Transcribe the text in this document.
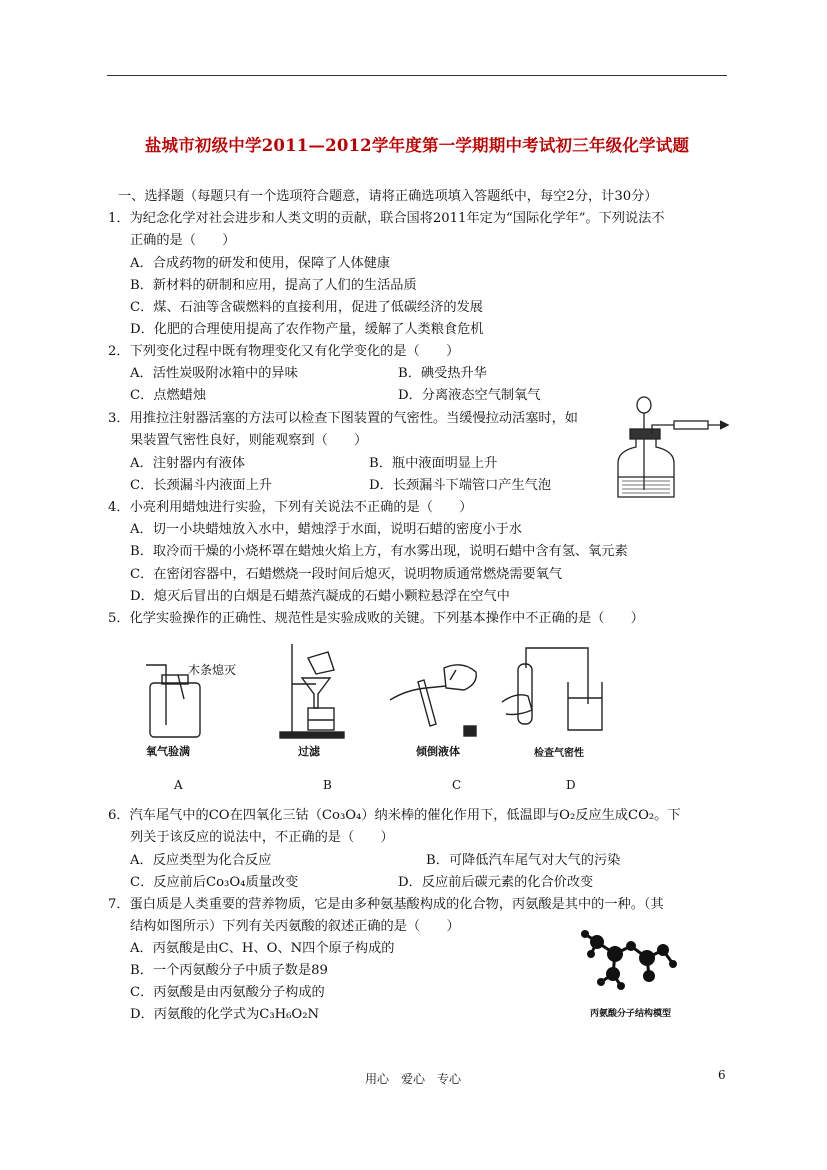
盐城市初级中学2011—2012学年度第一学期期中考试初三年级化学试题
一、选择题（每题只有一个选项符合题意，请将正确选项填入答题纸中，每空2分，计30分）
1．为纪念化学对社会进步和人类文明的贡献，联合国将2011年定为“国际化学年”。下列说法不
正确的是（　　）
A．合成药物的研发和使用，保障了人体健康
B．新材料的研制和应用，提高了人们的生活品质
C．煤、石油等含碳燃料的直接利用，促进了低碳经济的发展
D．化肥的合理使用提高了农作物产量，缓解了人类粮食危机
2．下列变化过程中既有物理变化又有化学变化的是（　　）
A．活性炭吸附冰箱中的异味	B．碘受热升华
C．点燃蜡烛	D．分离液态空气制氧气
3．用推拉注射器活塞的方法可以检查下图装置的气密性。当缓慢拉动活塞时，如
果装置气密性良好，则能观察到（　　）
A．注射器内有液体	B．瓶中液面明显上升
C．长颈漏斗内液面上升	D．长颈漏斗下端管口产生气泡
4．小亮利用蜡烛进行实验，下列有关说法不正确的是（　　）
A．切一小块蜡烛放入水中，蜡烛浮于水面，说明石蜡的密度小于水
B．取冷而干燥的小烧杯罩在蜡烛火焰上方，有水雾出现，说明石蜡中含有氢、氧元素
C．在密闭容器中，石蜡燃烧一段时间后熄灭，说明物质通常燃烧需要氧气
D．熄灭后冒出的白烟是石蜡蒸汽凝成的石蜡小颗粒悬浮在空气中
5．化学实验操作的正确性、规范性是实验成败的关键。下列基本操作中不正确的是（　　）
木条熄灭
氧气验满	过滤	倾倒液体	检查气密性
A	B	C	D
6．汽车尾气中的CO在四氧化三钴（Co₃O₄）纳米棒的催化作用下，低温即与O₂反应生成CO₂。下
列关于该反应的说法中，不正确的是（　　）
A．反应类型为化合反应	B．可降低汽车尾气对大气的污染
C．反应前后Co₃O₄质量改变	D．反应前后碳元素的化合价改变
7．蛋白质是人类重要的营养物质，它是由多种氨基酸构成的化合物，丙氨酸是其中的一种。（其
结构如图所示）下列有关丙氨酸的叙述正确的是（　　）
A．丙氨酸是由C、H、O、N四个原子构成的
B．一个丙氨酸分子中质子数是89
C．丙氨酸是由丙氨酸分子构成的
D．丙氨酸的化学式为C₃H₆O₂N	丙氨酸分子结构模型
用心　爱心　专心	6
